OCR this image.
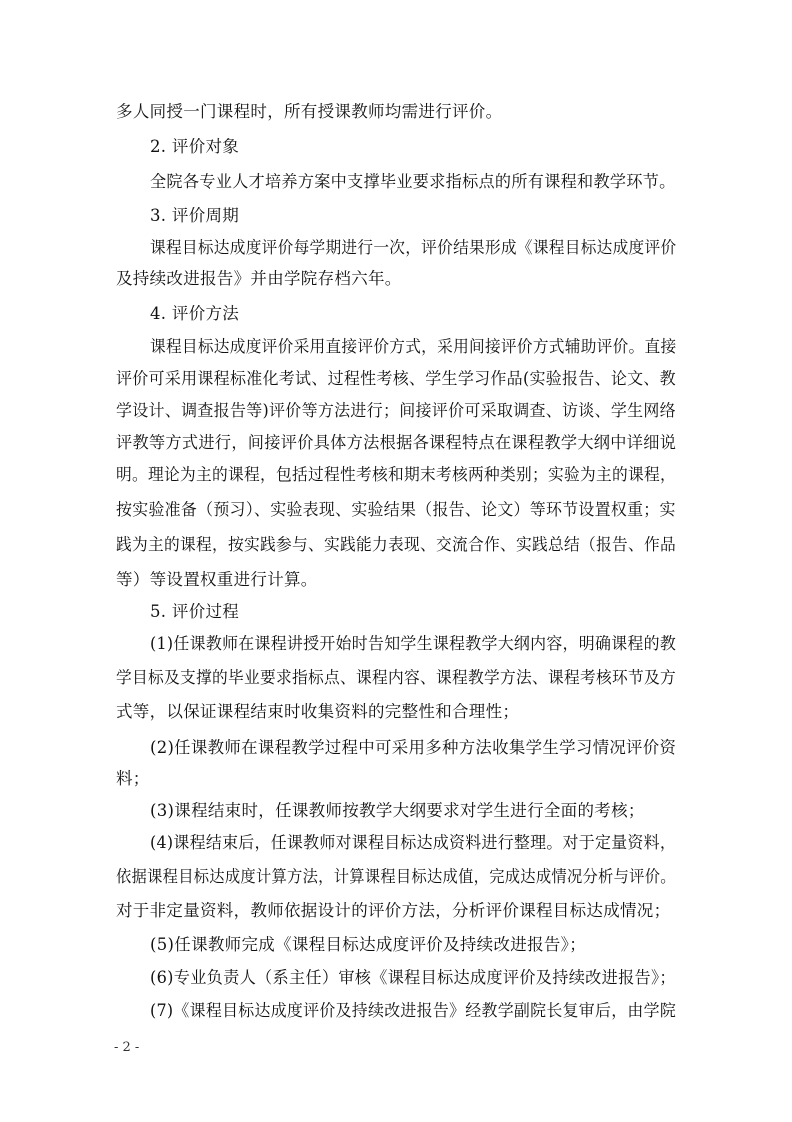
多人同授一门课程时，所有授课教师均需进行评价。
2. 评价对象
全院各专业人才培养方案中支撑毕业要求指标点的所有课程和教学环节。
3. 评价周期
课程目标达成度评价每学期进行一次，评价结果形成《课程目标达成度评价
及持续改进报告》并由学院存档六年。
4. 评价方法
课程目标达成度评价采用直接评价方式，采用间接评价方式辅助评价。直接
评价可采用课程标准化考试、过程性考核、学生学习作品(实验报告、论文、教
学设计、调查报告等)评价等方法进行；间接评价可采取调查、访谈、学生网络
评教等方式进行，间接评价具体方法根据各课程特点在课程教学大纲中详细说
明。理论为主的课程，包括过程性考核和期末考核两种类别；实验为主的课程，
按实验准备（预习）、实验表现、实验结果（报告、论文）等环节设置权重；实
践为主的课程，按实践参与、实践能力表现、交流合作、实践总结（报告、作品
等）等设置权重进行计算。
5. 评价过程
(1)任课教师在课程讲授开始时告知学生课程教学大纲内容，明确课程的教
学目标及支撑的毕业要求指标点、课程内容、课程教学方法、课程考核环节及方
式等，以保证课程结束时收集资料的完整性和合理性；
(2)任课教师在课程教学过程中可采用多种方法收集学生学习情况评价资
料；
(3)课程结束时，任课教师按教学大纲要求对学生进行全面的考核；
(4)课程结束后，任课教师对课程目标达成资料进行整理。对于定量资料，
依据课程目标达成度计算方法，计算课程目标达成值，完成达成情况分析与评价。
对于非定量资料，教师依据设计的评价方法，分析评价课程目标达成情况；
(5)任课教师完成《课程目标达成度评价及持续改进报告》；
(6)专业负责人（系主任）审核《课程目标达成度评价及持续改进报告》；
(7)《课程目标达成度评价及持续改进报告》经教学副院长复审后，由学院
- 2 -
